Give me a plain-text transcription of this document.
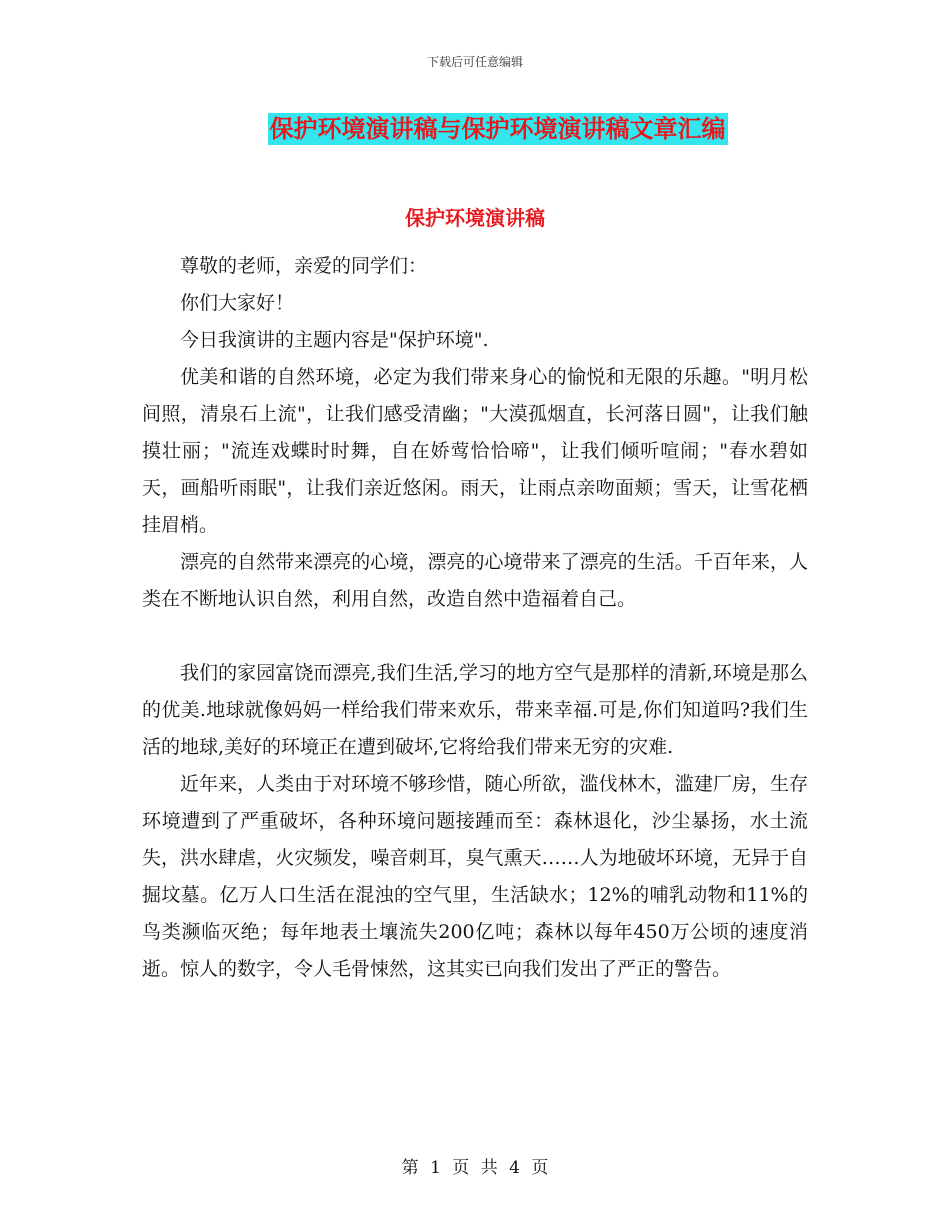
下载后可任意编辑
保护环境演讲稿与保护环境演讲稿文章汇编
保护环境演讲稿

尊敬的老师，亲爱的同学们：

你们大家好！

今日我演讲的主题内容是"保护环境".

优美和谐的自然环境，必定为我们带来身心的愉悦和无限的乐趣。"明月松间照，清泉石上流"，让我们感受清幽；"大漠孤烟直，长河落日圆"，让我们触摸壮丽；"流连戏蝶时时舞，自在娇莺恰恰啼"，让我们倾听喧闹；"春水碧如天，画船听雨眠"，让我们亲近悠闲。雨天，让雨点亲吻面颊；雪天，让雪花栖挂眉梢。

漂亮的自然带来漂亮的心境，漂亮的心境带来了漂亮的生活。千百年来，人类在不断地认识自然，利用自然，改造自然中造福着自己。

我们的家园富饶而漂亮,我们生活,学习的地方空气是那样的清新,环境是那么的优美.地球就像妈妈一样给我们带来欢乐，带来幸福.可是,你们知道吗?我们生活的地球,美好的环境正在遭到破坏,它将给我们带来无穷的灾难.

近年来，人类由于对环境不够珍惜，随心所欲，滥伐林木，滥建厂房，生存环境遭到了严重破坏，各种环境问题接踵而至：森林退化，沙尘暴扬，水土流失，洪水肆虐，火灾频发，噪音刺耳，臭气熏天……人为地破坏环境，无异于自掘坟墓。亿万人口生活在混浊的空气里，生活缺水；12%的哺乳动物和11%的鸟类濒临灭绝；每年地表土壤流失200亿吨；森林以每年450万公顷的速度消逝。惊人的数字，令人毛骨悚然，这其实已向我们发出了严正的警告。

第 1 页 共 4 页
